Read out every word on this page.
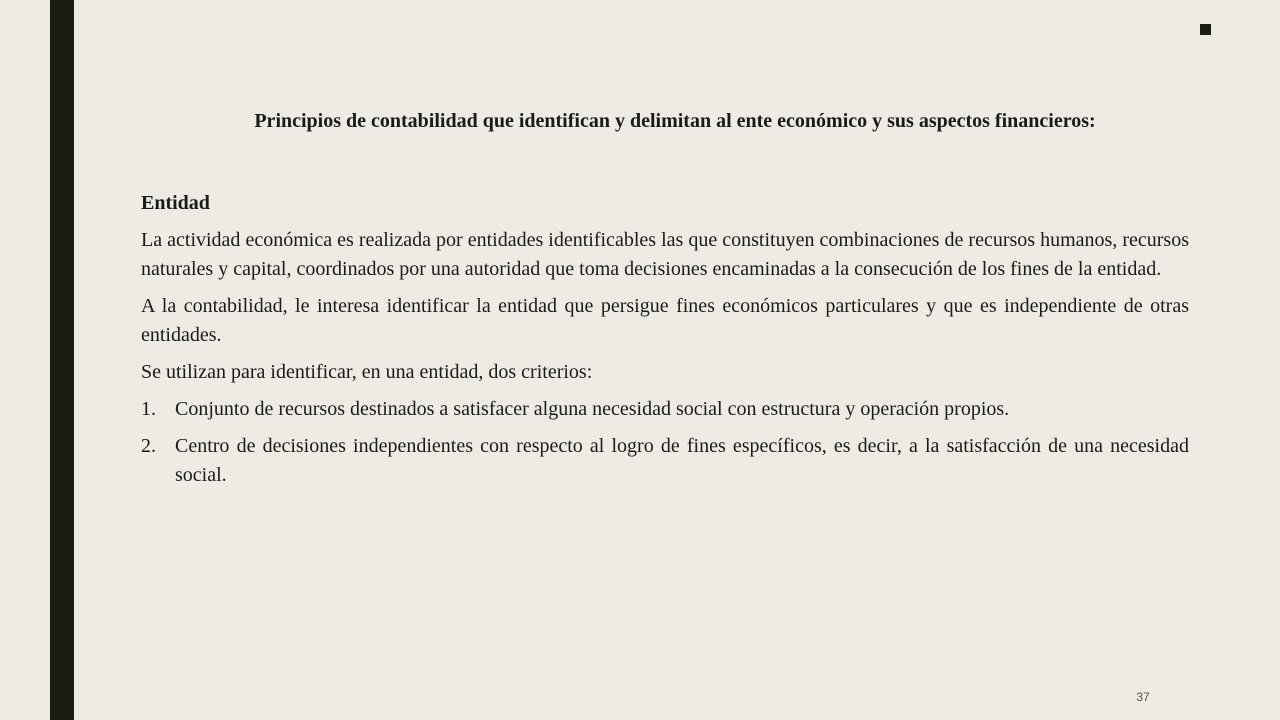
Principios de contabilidad que identifican y delimitan al ente económico y sus aspectos financieros:

Entidad

La actividad económica es realizada por entidades identificables las que constituyen combinaciones de recursos humanos, recursos naturales y capital, coordinados por una autoridad que toma decisiones encaminadas a la consecución de los fines de la entidad.

A la contabilidad, le interesa identificar la entidad que persigue fines económicos particulares y que es independiente de otras entidades.

Se utilizan para identificar, en una entidad, dos criterios:

1. Conjunto de recursos destinados a satisfacer alguna necesidad social con estructura y operación propios.
2. Centro de decisiones independientes con respecto al logro de fines específicos, es decir, a la satisfacción de una necesidad social.
37
